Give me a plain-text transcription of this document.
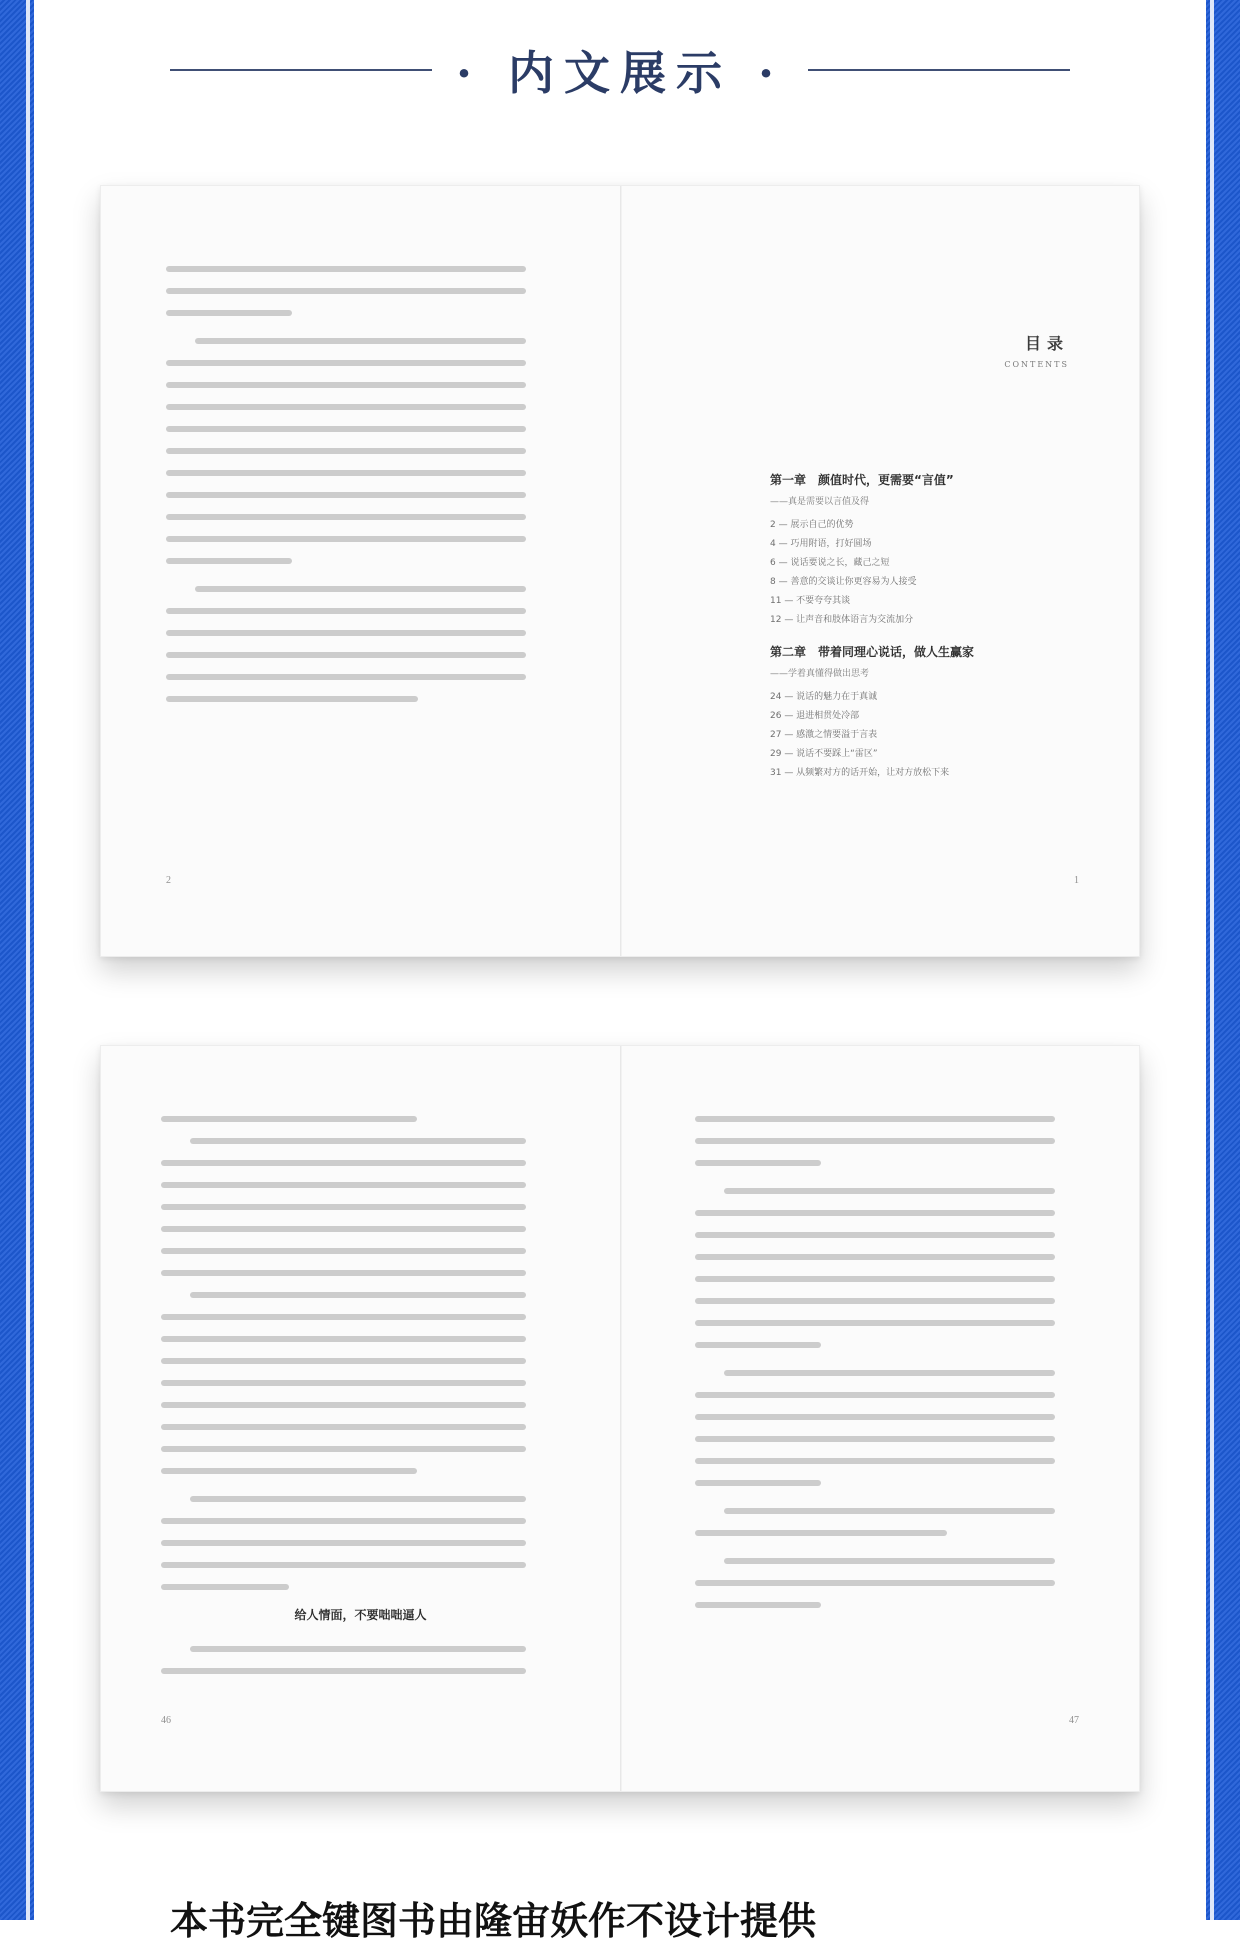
· 内文展示 ·
2
目录
CONTENTS
第一章　颜值时代，更需要“言值”
——真是需要以言值及得
2 — 展示自己的优势
4 — 巧用附语，打好圆场
6 — 说话要说之长，藏己之短
8 — 善意的交谈让你更容易为人接受
11 — 不要夸夸其谈
12 — 让声音和肢体语言为交流加分
第二章　带着同理心说话，做人生赢家
——学着真懂得做出思考
24 — 说话的魅力在于真诚
26 — 退进相贯处冷部
27 — 感激之情要溢于言表
29 — 说话不要踩上“雷区”
31 — 从频繁对方的话开始，让对方放松下来
1
给人情面，不要咄咄逼人
46	47
本书完全键图书由隆宙妖作不设计提供
